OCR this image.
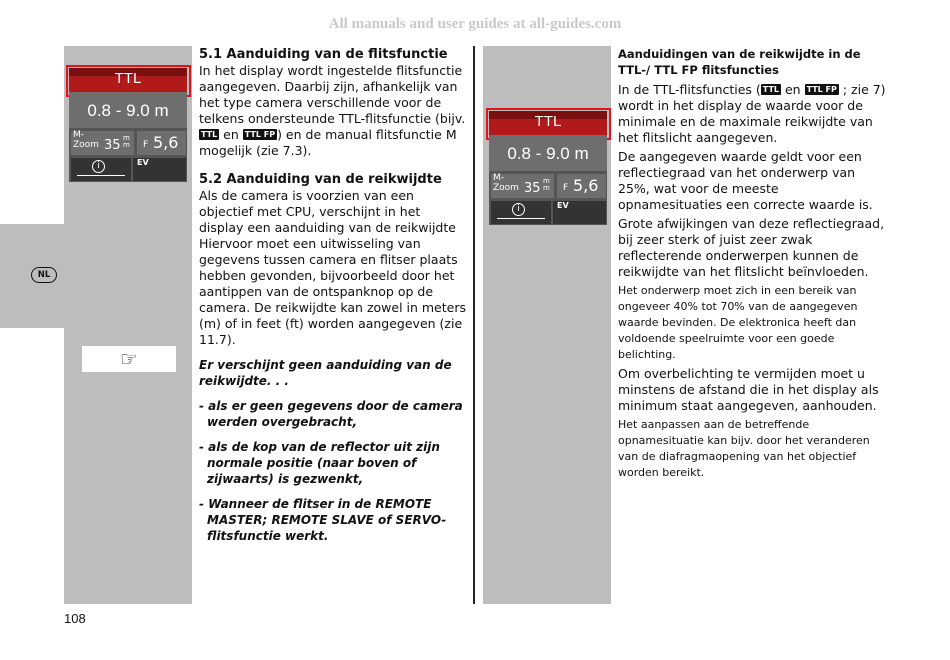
All manuals and user guides at all-guides.com
NL
TTL
0.8 - 9.0 m
M-
Zoom 35 m
m F 5,6
i	EV
TTL
0.8 - 9.0 m
M-
Zoom 35 m
m F 5,6
i	EV
☞

5.1 Aanduiding van de flitsfunctie

In het display wordt ingestelde flitsfunctie aangegeven. Daarbij zijn, afhankelijk van het type camera verschillende voor de telkens ondersteunde TTL-flitsfunctie (bijv.TTL en TTL FP ) en de manual flitsfunctie M mogelijk (zie 7.3).

5.2 Aanduiding van de reikwijdte

Als de camera is voorzien van een objectief met CPU, verschijnt in het display een aanduiding van de reikwijdte

Hiervoor moet een uitwisseling van gegevens tussen camera en flitser plaats hebben gevonden, bijvoorbeeld door het aantippen van de ontspanknop op de camera. De reikwijdte kan zowel in meters (m) of in feet (ft) worden aangegeven (zie 11.7).

Er verschijnt geen aanduiding van de reikwijdte. . .

- als er geen gegevens door de camera werden overgebracht,

- als de kop van de reflector uit zijn normale positie (naar boven of zijwaarts) is gezwenkt,

- Wanneer de flitser in de REMOTE MASTER; REMOTE SLAVE of SERVO-flitsfunctie werkt.

Aanduidingen van de reikwijdte in de TTL-/ TTL FP flitsfuncties

In de TTL-flitsfuncties ( TTL en TTL FP ; zie 7) wordt in het display de waarde voor de minimale en de maximale reikwijdte van het flitslicht aangegeven.

De aangegeven waarde geldt voor een reflectiegraad van het onderwerp van 25%, wat voor de meeste opnamesituaties een correcte waarde is.

Grote afwijkingen van deze reflectiegraad, bij zeer sterk of juist zeer zwak reflecterende onderwerpen kunnen de reikwijdte van het flitslicht beïnvloeden.

Het onderwerp moet zich in een bereik van ongeveer 40% tot 70% van de aangegeven waarde bevinden. De elektronica heeft dan voldoende speelruimte voor een goede belichting.

Om overbelichting te vermijden moet u minstens de afstand die in het display als minimum staat aangegeven, aanhouden.

Het aanpassen aan de betreffende opnamesituatie kan bijv. door het veranderen van de diafragmaopening van het objectief worden bereikt.

108
